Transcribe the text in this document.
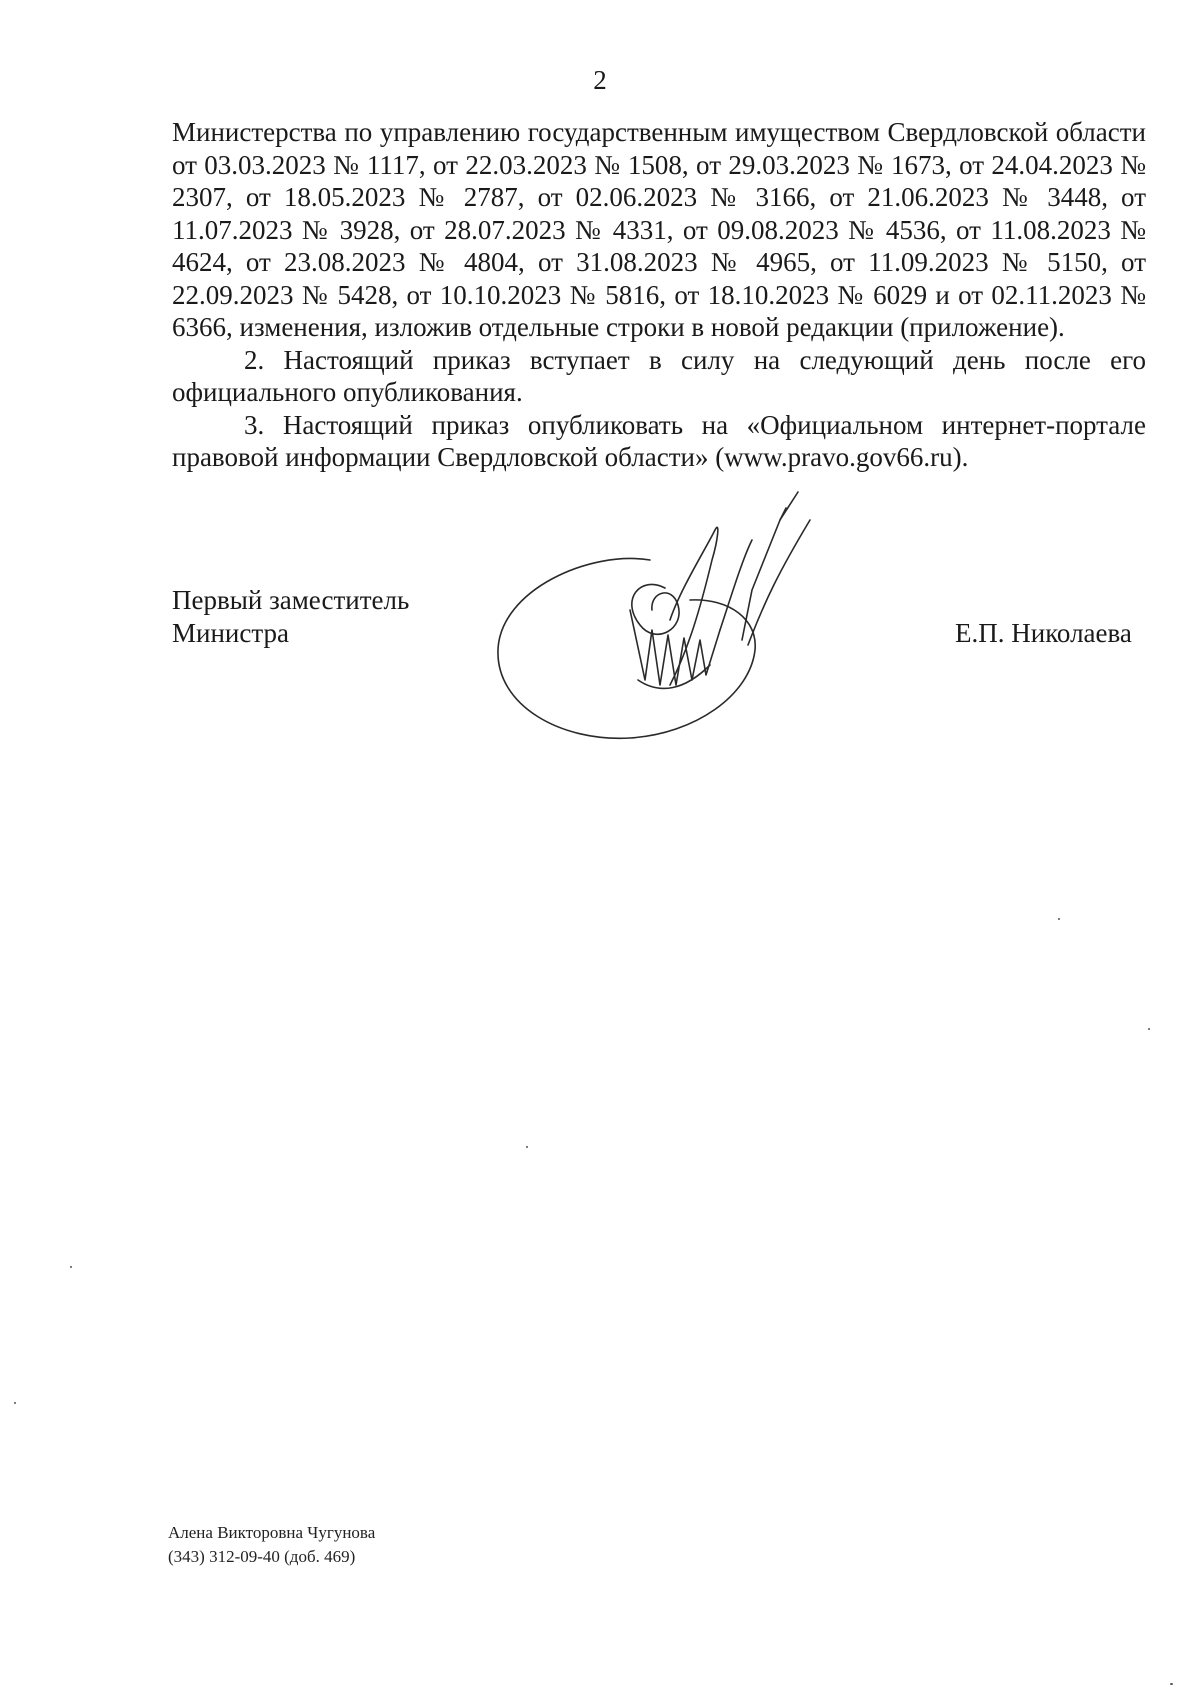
2

Министерства по управлению государственным имуществом Свердловской области от 03.03.2023 № 1117, от 22.03.2023 № 1508, от 29.03.2023 № 1673, от 24.04.2023 № 2307, от 18.05.2023 № 2787, от 02.06.2023 № 3166, от 21.06.2023 № 3448, от 11.07.2023 № 3928, от 28.07.2023 № 4331, от 09.08.2023 № 4536, от 11.08.2023 № 4624, от 23.08.2023 № 4804, от 31.08.2023 № 4965, от 11.09.2023 № 5150, от 22.09.2023 № 5428, от 10.10.2023 № 5816, от 18.10.2023 № 6029 и от 02.11.2023 № 6366, изменения, изложив отдельные строки в новой редакции (приложение).

2. Настоящий приказ вступает в силу на следующий день после его официального опубликования.

3. Настоящий приказ опубликовать на «Официальном интернет-портале правовой информации Свердловской области» (www.pravo.gov66.ru).

Первый заместитель
Министра	Е.П. Николаева
Алена Викторовна Чугунова
(343) 312-09-40 (доб. 469)
